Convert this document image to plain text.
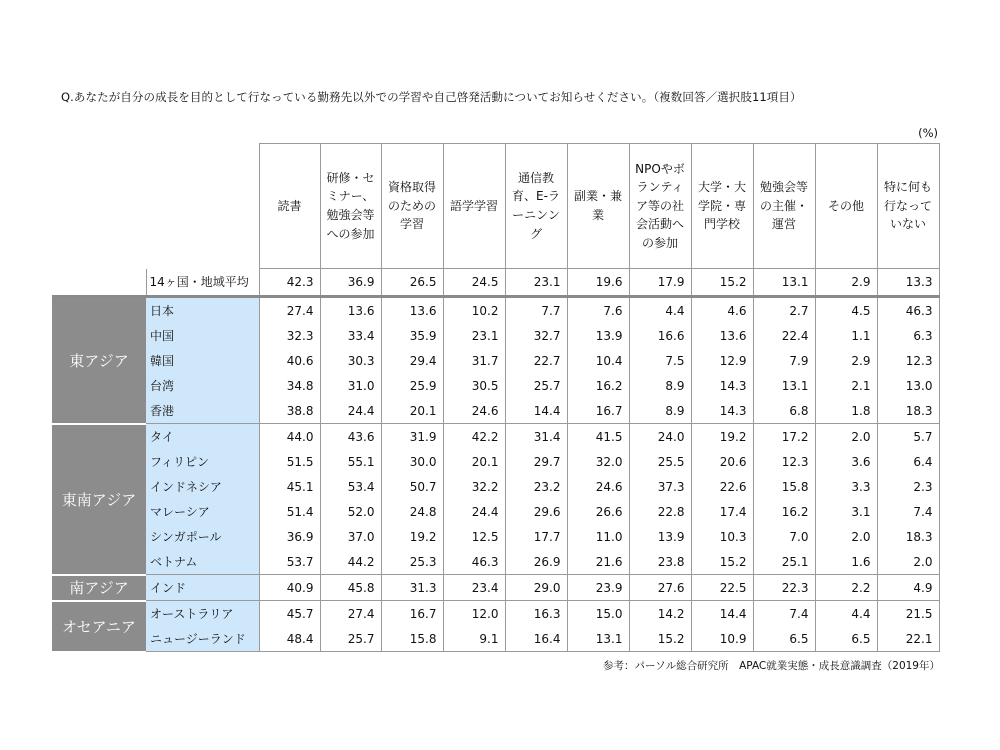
Q.あなたが自分の成長を目的として行なっている勤務先以外での学習や自己啓発活動についてお知らせください。（複数回答／選択肢11項目）
(%)
		読書	研修・セ
ミナー、
勉強会等
への参加	資格取得
のための
学習	語学学習	通信教
育、E-ラ
ーニンン
グ	副業・兼
業	NPOやボ
ランティ
ア等の社
会活動へ
の参加	大学・大
学院・専
門学校	勉強会等
の主催・
運営	その他	特に何も
行なって
いない
	14ヶ国・地域平均	42.3	36.9	26.5	24.5	23.1	19.6	17.9	15.2	13.1	2.9	13.3
東アジア	日本	27.4	13.6	13.6	10.2	7.7	7.6	4.4	4.6	2.7	4.5	46.3
	中国	32.3	33.4	35.9	23.1	32.7	13.9	16.6	13.6	22.4	1.1	6.3
	韓国	40.6	30.3	29.4	31.7	22.7	10.4	7.5	12.9	7.9	2.9	12.3
	台湾	34.8	31.0	25.9	30.5	25.7	16.2	8.9	14.3	13.1	2.1	13.0
	香港	38.8	24.4	20.1	24.6	14.4	16.7	8.9	14.3	6.8	1.8	18.3
東南アジア	タイ	44.0	43.6	31.9	42.2	31.4	41.5	24.0	19.2	17.2	2.0	5.7
	フィリピン	51.5	55.1	30.0	20.1	29.7	32.0	25.5	20.6	12.3	3.6	6.4
	インドネシア	45.1	53.4	50.7	32.2	23.2	24.6	37.3	22.6	15.8	3.3	2.3
	マレーシア	51.4	52.0	24.8	24.4	29.6	26.6	22.8	17.4	16.2	3.1	7.4
	シンガポール	36.9	37.0	19.2	12.5	17.7	11.0	13.9	10.3	7.0	2.0	18.3
	ベトナム	53.7	44.2	25.3	46.3	26.9	21.6	23.8	15.2	25.1	1.6	2.0
南アジア	インド	40.9	45.8	31.3	23.4	29.0	23.9	27.6	22.5	22.3	2.2	4.9
オセアニア	オーストラリア	45.7	27.4	16.7	12.0	16.3	15.0	14.2	14.4	7.4	4.4	21.5
	ニュージーランド	48.4	25.7	15.8	9.1	16.4	13.1	15.2	10.9	6.5	6.5	22.1
参考：パーソル総合研究所　APAC就業実態・成長意識調査（2019年）
